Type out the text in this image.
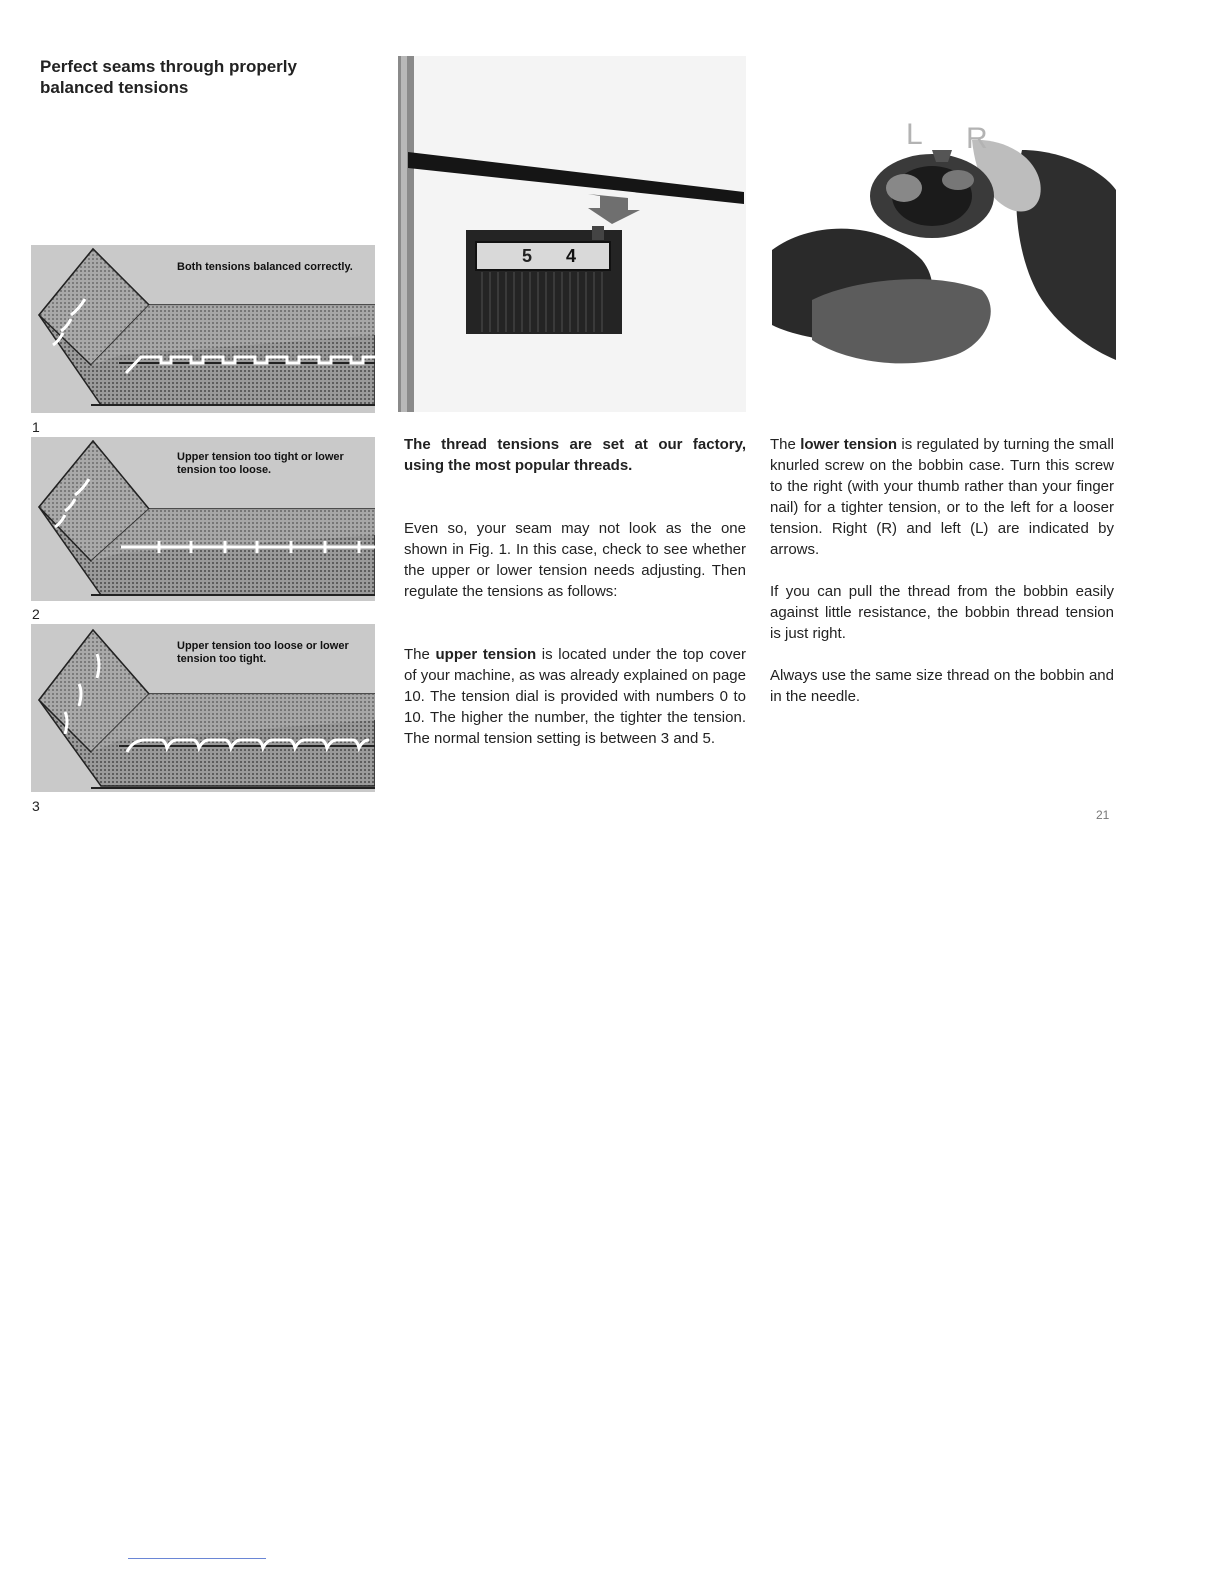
Perfect seams through properly balanced tensions
Both tensions balanced correctly.
1
Upper tension too tight or lower tension too loose.
2
Upper tension too loose or lower tension too tight.
3
5 4
L R

The thread tensions are set at our factory, using the most popular threads.

Even so, your seam may not look as the one shown in Fig. 1. In this case, check to see whether the upper or lower tension needs adjusting. Then regulate the tensions as follows:

The upper tension is located under the top cover of your machine, as was already explained on page 10. The tension dial is provided with numbers 0 to 10. The higher the number, the tighter the tension. The normal tension setting is between 3 and 5.

The lower tension is regulated by turning the small knurled screw on the bobbin case. Turn this screw to the right (with your thumb rather than your finger nail) for a tighter tension, or to the left for a looser tension. Right (R) and left (L) are indicated by arrows.

If you can pull the thread from the bobbin easily against little resistance, the bobbin thread tension is just right.

Always use the same size thread on the bobbin and in the needle.

21
